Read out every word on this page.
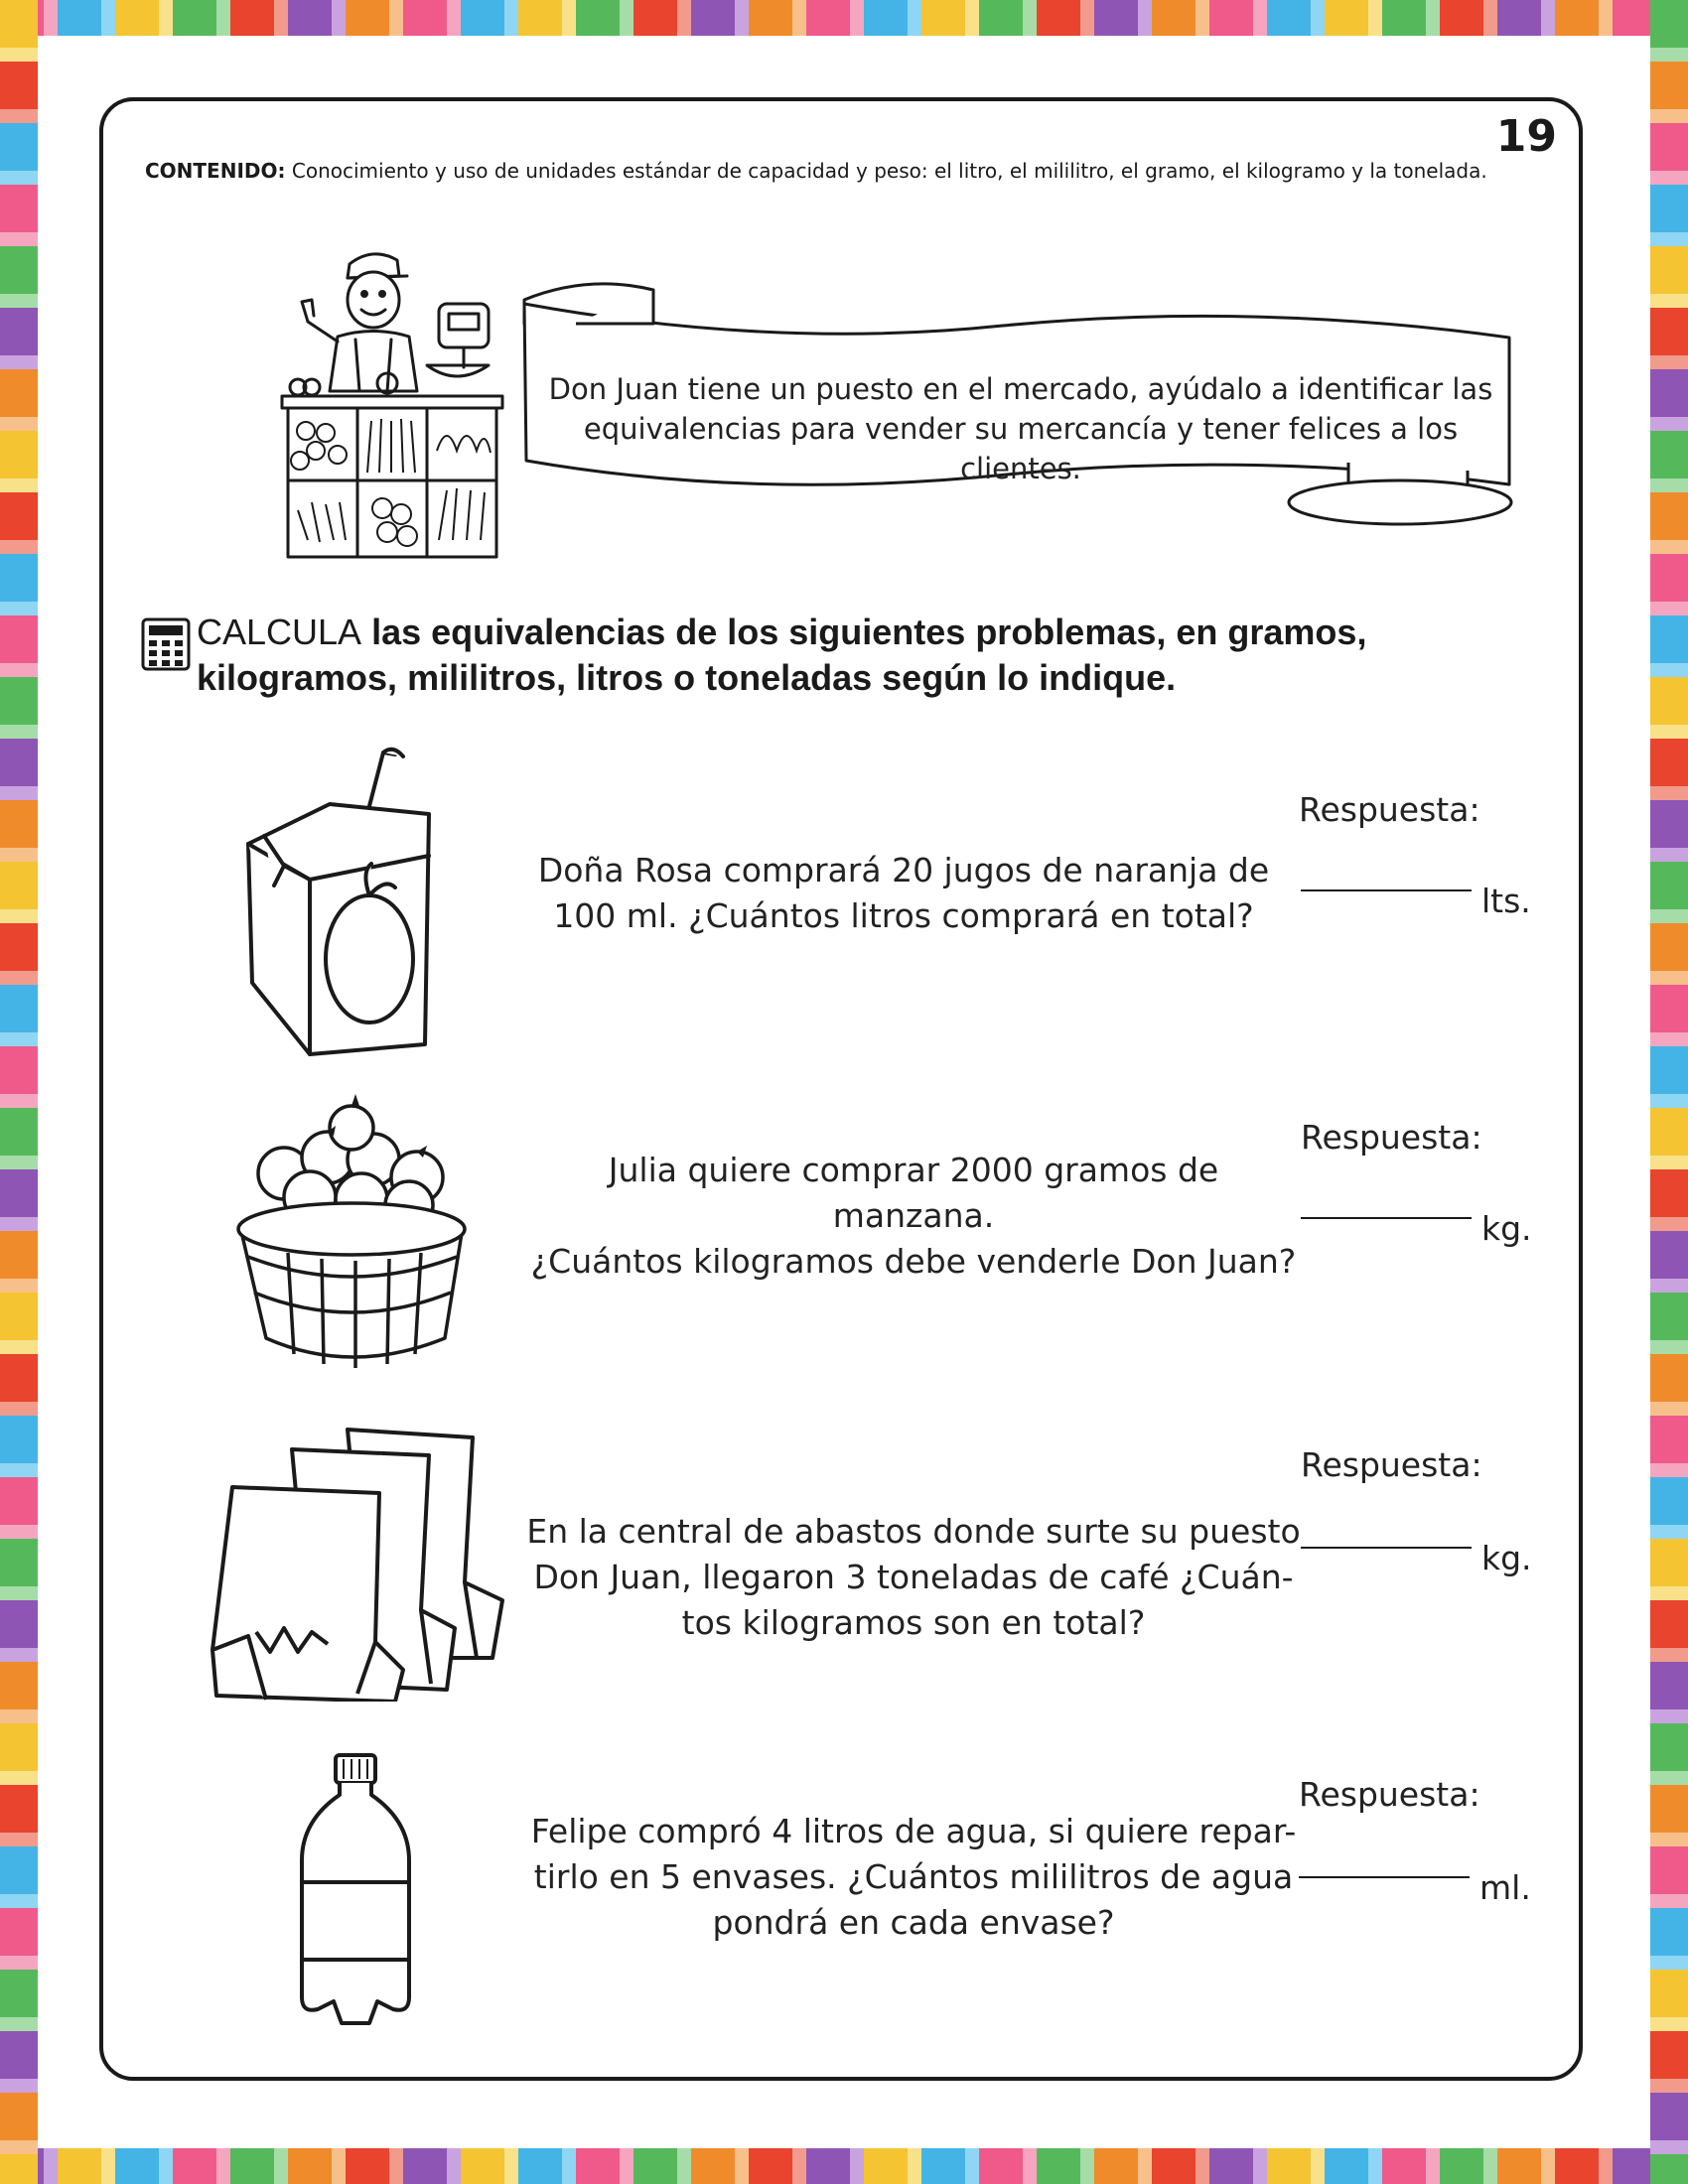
19
CONTENIDO: Conocimiento y uso de unidades estándar de capacidad y peso: el litro, el mililitro, el gramo, el kilogramo y la tonelada.
Don Juan tiene un puesto en el mercado, ayúdalo a identificar las
equivalencias para vender su mercancía y tener felices a los clientes.
CALCULA las equivalencias de los siguientes problemas, en gramos,
kilogramos, mililitros, litros o toneladas según lo indique.
Doña Rosa comprará 20 jugos de naranja de
100 ml. ¿Cuántos litros comprará en total?
Respuesta:
lts.
Julia quiere comprar 2000 gramos de manzana.
¿Cuántos kilogramos debe venderle Don Juan?
Respuesta:
kg.
En la central de abastos donde surte su puesto
Don Juan, llegaron 3 toneladas de café ¿Cuán-
tos kilogramos son en total?
Respuesta:
kg.
Felipe compró 4 litros de agua, si quiere repar-
tirlo en 5 envases. ¿Cuántos mililitros de agua
pondrá en cada envase?
Respuesta:
ml.
